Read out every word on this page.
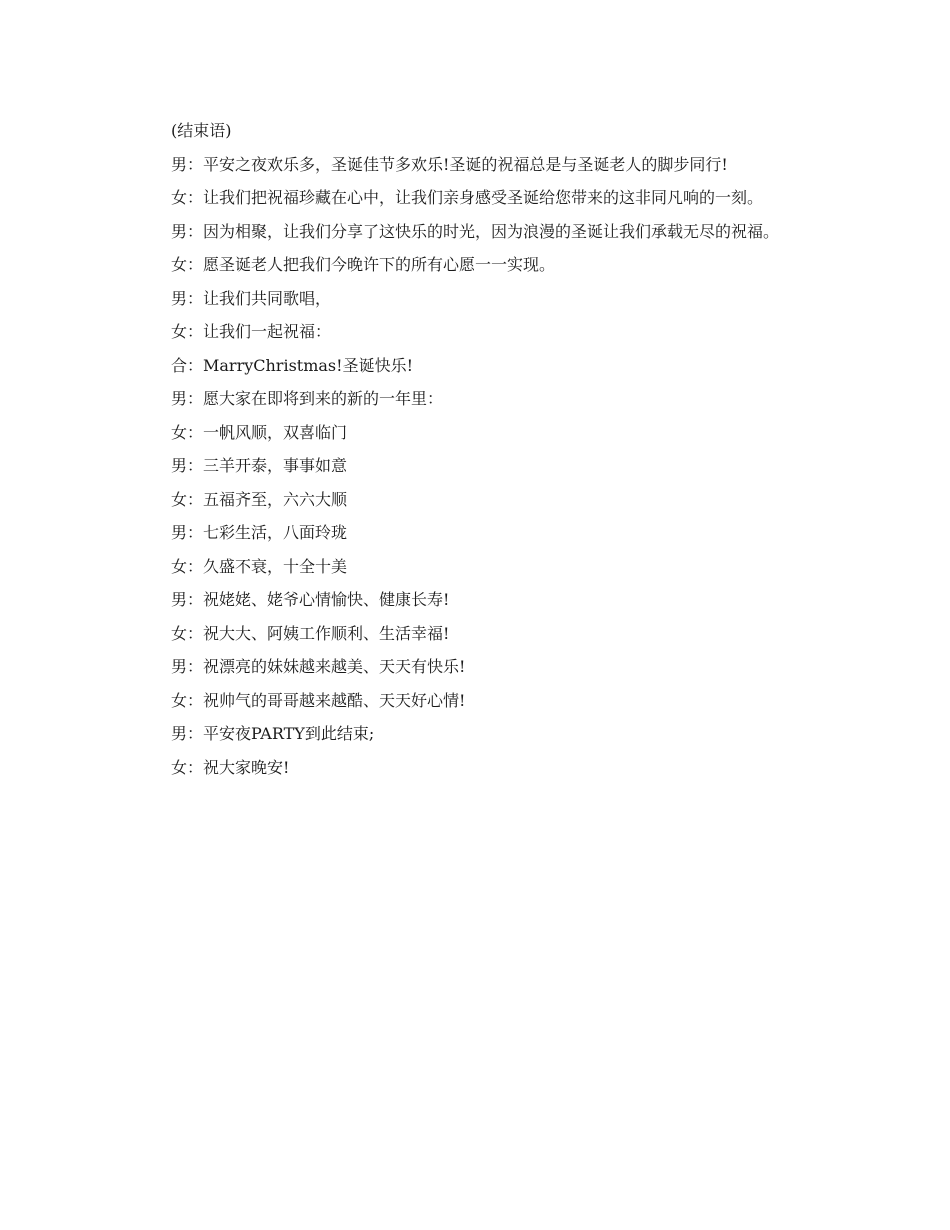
(结束语)

男：平安之夜欢乐多，圣诞佳节多欢乐!圣诞的祝福总是与圣诞老人的脚步同行!

女：让我们把祝福珍藏在心中，让我们亲身感受圣诞给您带来的这非同凡响的一刻。

男：因为相聚，让我们分享了这快乐的时光，因为浪漫的圣诞让我们承载无尽的祝福。

女：愿圣诞老人把我们今晚许下的所有心愿一一实现。

男：让我们共同歌唱，

女：让我们一起祝福：

合：MarryChristmas!圣诞快乐!

男：愿大家在即将到来的新的一年里：

女：一帆风顺，双喜临门

男：三羊开泰，事事如意

女：五福齐至，六六大顺

男：七彩生活，八面玲珑

女：久盛不衰，十全十美

男：祝姥姥、姥爷心情愉快、健康长寿!

女：祝大大、阿姨工作顺利、生活幸福!

男：祝漂亮的妹妹越来越美、天天有快乐!

女：祝帅气的哥哥越来越酷、天天好心情!

男：平安夜PARTY到此结束;

女：祝大家晚安!
